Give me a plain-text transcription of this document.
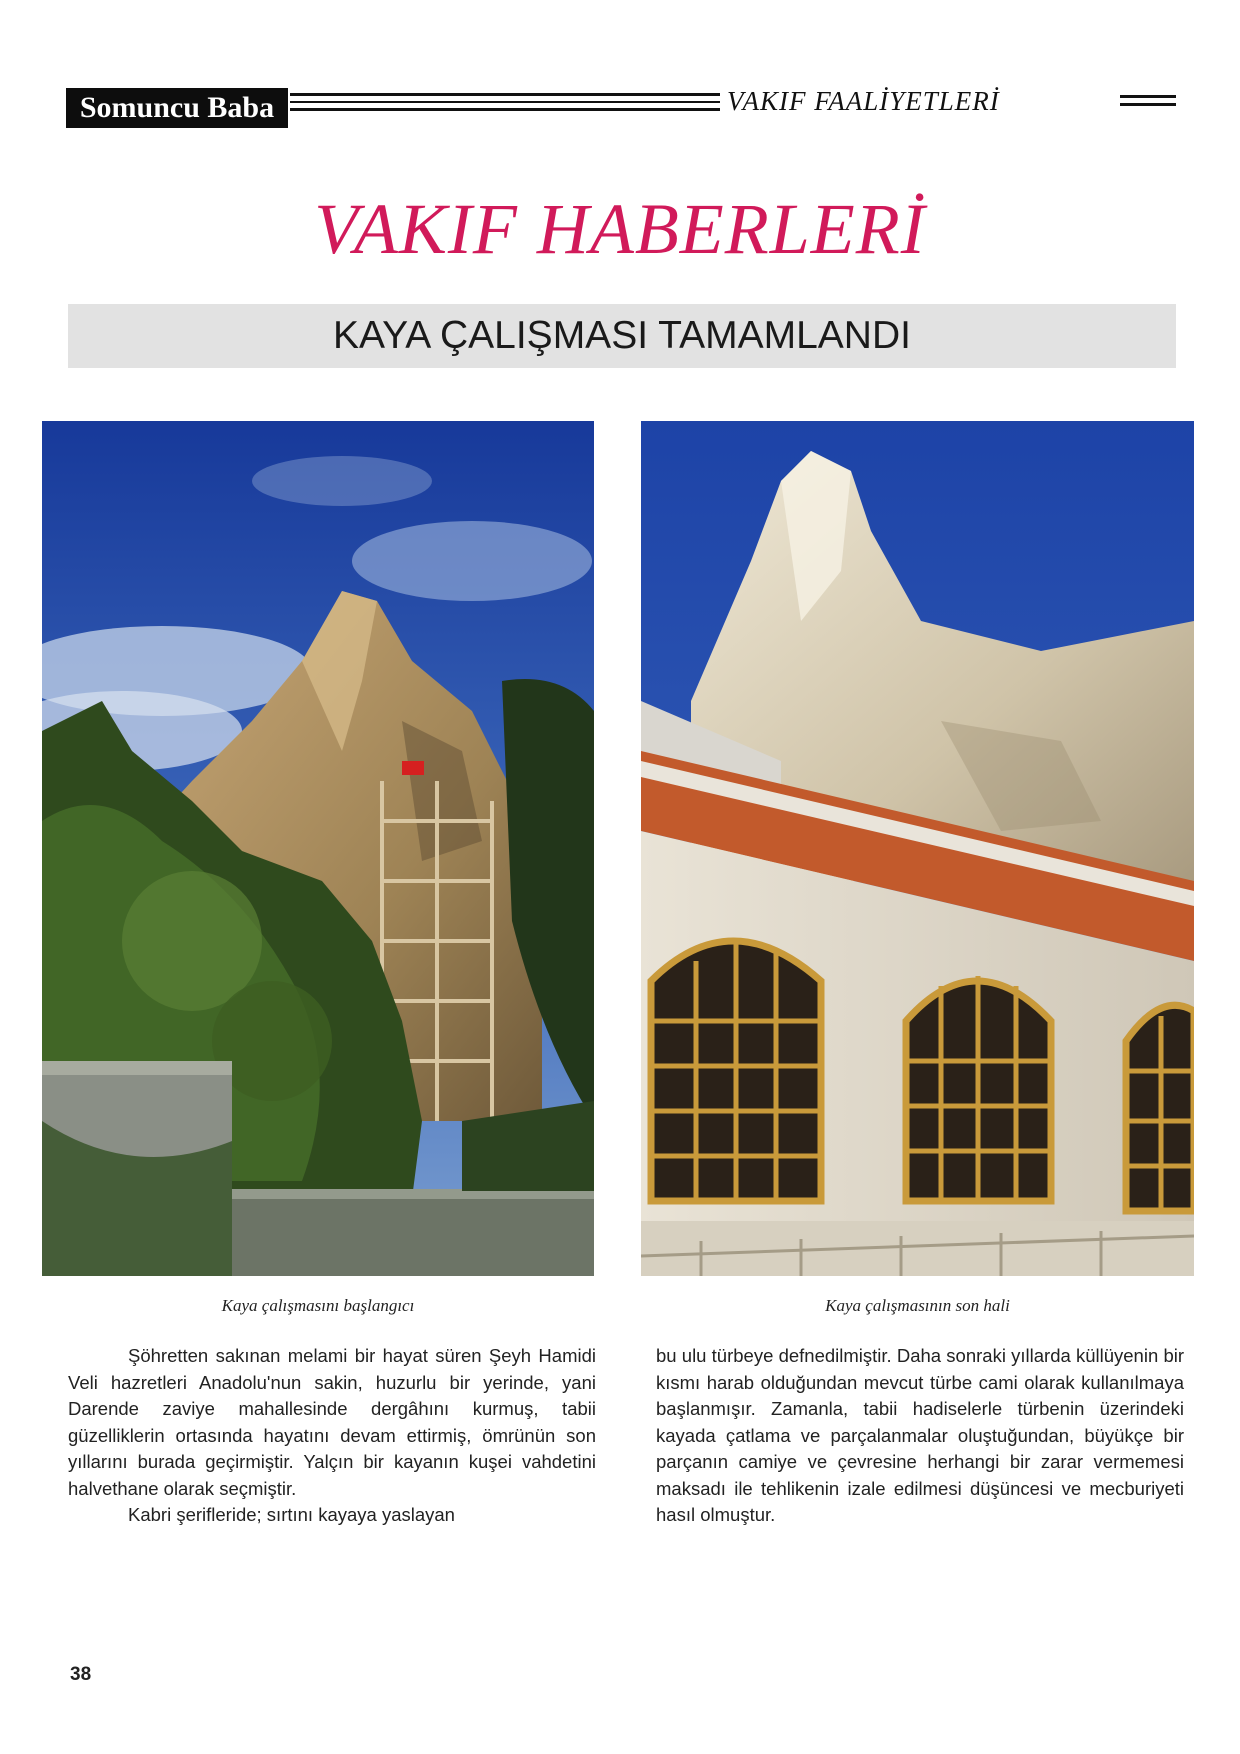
Somuncu Baba	VAKIF FAALİYETLERİ
VAKIF HABERLERİ
KAYA ÇALIŞMASI TAMAMLANDI
Kaya çalışmasını başlangıcı	Kaya çalışmasının son hali

Şöhretten sakınan melami bir hayat süren Şeyh Hamidi Veli hazretleri Anadolu'nun sakin, huzurlu bir yerinde, yani Darende zaviye mahallesinde dergâhını kurmuş, tabii güzelliklerin ortasında hayatını devam ettirmiş, ömrünün son yıllarını burada geçirmiştir. Yalçın bir kayanın kuşei vahdetini halvethane olarak seçmiştir.

Kabri şerifleride; sırtını kayaya yaslayan

bu ulu türbeye defnedilmiştir. Daha sonraki yıllarda küllüyenin bir kısmı harab olduğundan mevcut türbe cami olarak kullanılmaya başlanmışır. Zamanla, tabii hadiselerle türbenin üzerindeki kayada çatlama ve parçalanmalar oluştuğundan, büyükçe bir parçanın camiye ve çevresine herhangi bir zarar vermemesi maksadı ile tehlikenin izale edilmesi düşüncesi ve mecburiyeti hasıl olmuştur.

38
